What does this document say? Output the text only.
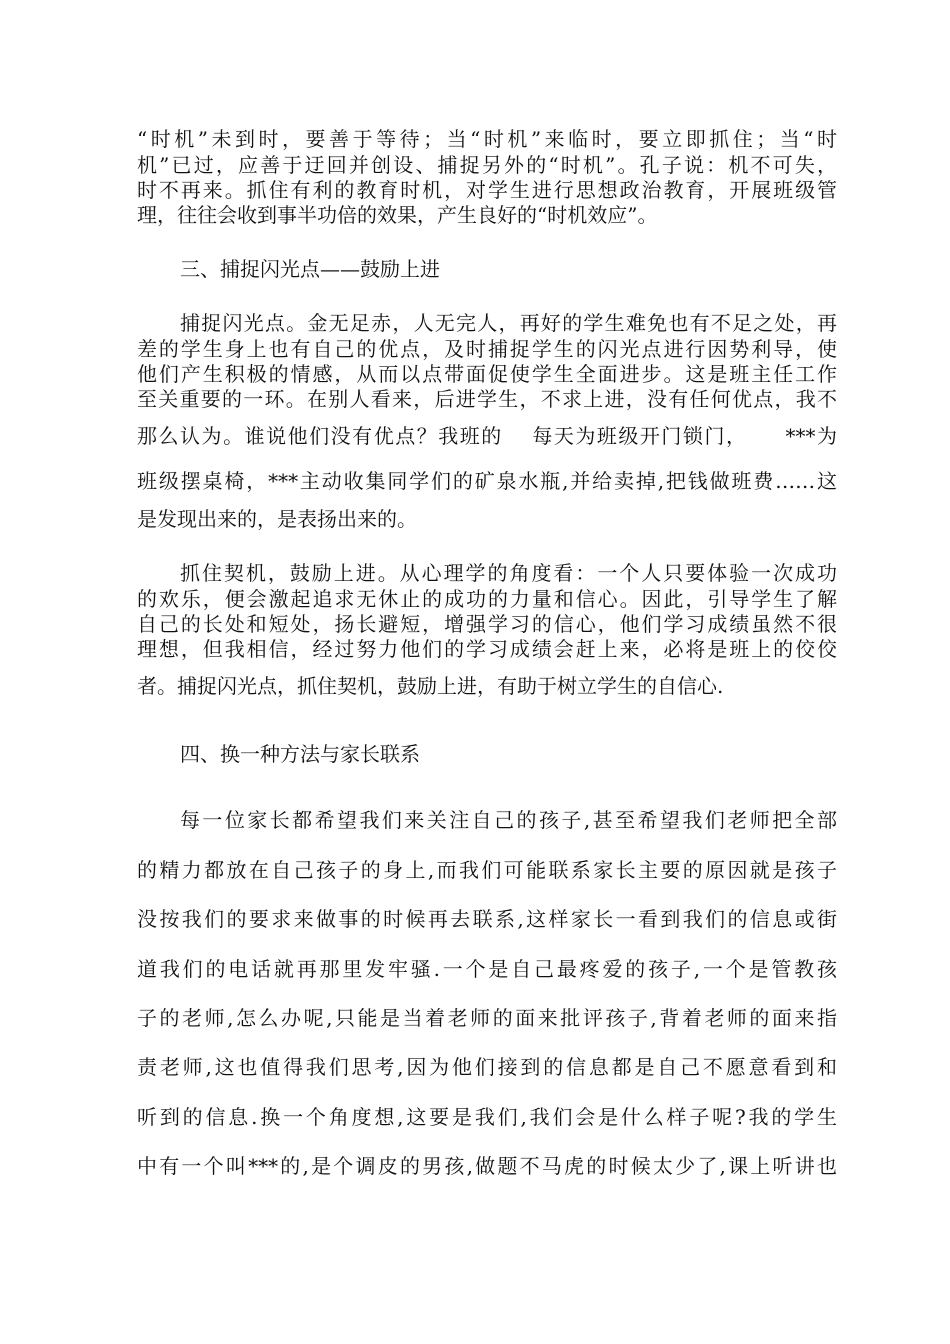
“时机”未到时，要善于等待；当“时机”来临时，要立即抓住；当“时
机”已过，应善于迂回并创设、捕捉另外的“时机”。孔子说：机不可失，
时不再来。抓住有利的教育时机，对学生进行思想政治教育，开展班级管
理，往往会收到事半功倍的效果，产生良好的“时机效应”。
三、捕捉闪光点——鼓励上进
捕捉闪光点。金无足赤，人无完人，再好的学生难免也有不足之处，再
差的学生身上也有自己的优点，及时捕捉学生的闪光点进行因势利导，使
他们产生积极的情感，从而以点带面促使学生全面进步。这是班主任工作
至关重要的一环。在别人看来，后进学生，不求上进，没有任何优点，我不
那么认为。谁说他们没有优点？我班的 每天为班级开门锁门， ***为
班级摆桌椅，***主动收集同学们的矿泉水瓶,并给卖掉,把钱做班费……这
是发现出来的，是表扬出来的。
抓住契机，鼓励上进。从心理学的角度看：一个人只要体验一次成功
的欢乐，便会激起追求无休止的成功的力量和信心。因此，引导学生了解
自己的长处和短处，扬长避短，增强学习的信心，他们学习成绩虽然不很
理想，但我相信，经过努力他们的学习成绩会赶上来，必将是班上的佼佼
者。捕捉闪光点，抓住契机，鼓励上进，有助于树立学生的自信心.
四、换一种方法与家长联系
每一位家长都希望我们来关注自己的孩子,甚至希望我们老师把全部
的精力都放在自己孩子的身上,而我们可能联系家长主要的原因就是孩子
没按我们的要求来做事的时候再去联系,这样家长一看到我们的信息或街
道我们的电话就再那里发牢骚.一个是自己最疼爱的孩子,一个是管教孩
子的老师,怎么办呢,只能是当着老师的面来批评孩子,背着老师的面来指
责老师,这也值得我们思考,因为他们接到的信息都是自己不愿意看到和
听到的信息.换一个角度想,这要是我们,我们会是什么样子呢?我的学生
中有一个叫***的,是个调皮的男孩,做题不马虎的时候太少了,课上听讲也
